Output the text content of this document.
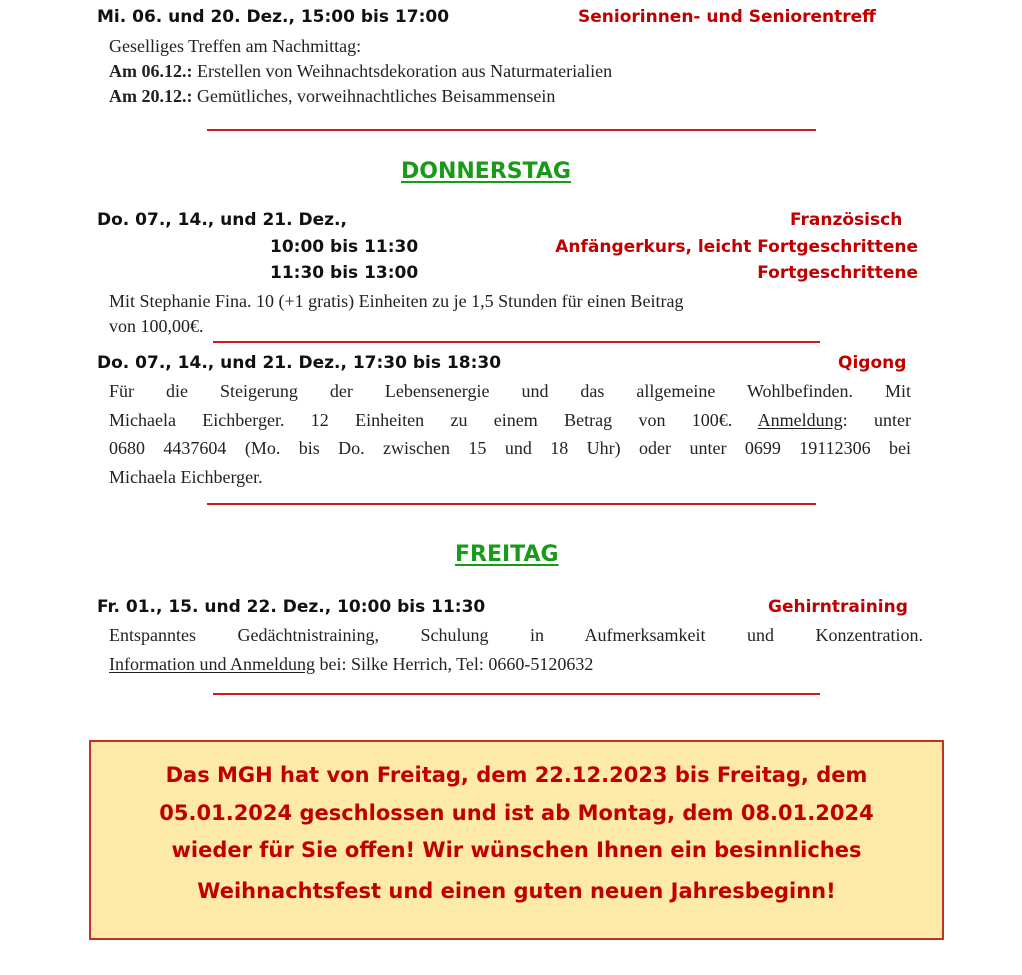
Mi. 06. und 20. Dez., 15:00 bis 17:00	Seniorinnen- und Seniorentreff
Geselliges Treffen am Nachmittag:
Am 06.12.: Erstellen von Weihnachtsdekoration aus Naturmaterialien
Am 20.12.: Gemütliches, vorweihnachtliches Beisammensein
DONNERSTAG
Do. 07., 14., und 21. Dez.,	Französisch
10:00 bis 11:30	Anfängerkurs, leicht Fortgeschrittene
11:30 bis 13:00	Fortgeschrittene
Mit Stephanie Fina. 10 (+1 gratis) Einheiten zu je 1,5 Stunden für einen Beitrag
von 100,00€.
Do. 07., 14., und 21. Dez., 17:30 bis 18:30	Qigong
Für die Steigerung der Lebensenergie und das allgemeine Wohlbefinden. Mit
Michaela Eichberger. 12 Einheiten zu einem Betrag von 100€. Anmeldung: unter
0680 4437604 (Mo. bis Do. zwischen 15 und 18 Uhr) oder unter 0699 19112306 bei
Michaela Eichberger.
FREITAG
Fr. 01., 15. und 22. Dez., 10:00 bis 11:30	Gehirntraining
Entspanntes Gedächtnistraining, Schulung in Aufmerksamkeit und Konzentration.
Information und Anmeldung bei: Silke Herrich, Tel: 0660-5120632
Das MGH hat von Freitag, dem 22.12.2023 bis Freitag, dem
05.01.2024 geschlossen und ist ab Montag, dem 08.01.2024
wieder für Sie offen! Wir wünschen Ihnen ein besinnliches
Weihnachtsfest und einen guten neuen Jahresbeginn!
